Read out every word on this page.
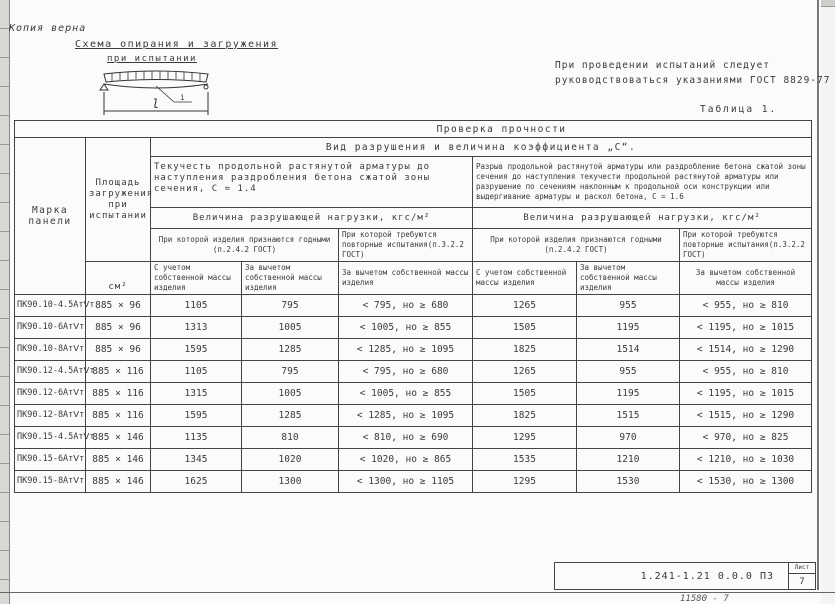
Копия верна
Схема опирания и загружения
при испытании
i
l
При проведении испытаний следует
руководствоваться указаниями ГОСТ 8829-77
Таблица 1.
Проверка прочности							
Марка панели	Площадь загружения при испытании	Вид разрушения и величина коэффициента „С“.					
		Текучесть продольной растянутой арматуры до наступления раздробления бетона сжатой зоны сечения, С = 1.4			Разрыв продольной растянутой арматуры или раздробление бетона сжатой зоны сечения до наступления текучести продольной растянутой арматуры или разрушение по сечениям наклонным к продольной оси конструкции или выдергивание арматуры и раскол бетона, С = 1.6		
		Величина разрушающей нагрузки, кгс/м²			Величина разрушающей нагрузки, кгс/м²		
		При которой изделия признаются годными (п.2.4.2 ГОСТ)		При которой требуются повторные испытания(п.3.2.2 ГОСТ)	При которой изделия признаются годными (п.2.4.2 ГОСТ)		При которой требуются повторные испытания(п.3.2.2 ГОСТ)
	см²	С учетом собственной массы изделия	За вычетом собственной массы изделия	За вычетом собственной массы изделия	С учетом собственной массы изделия	За вычетом собственной массы изделия	За вычетом собственной массы изделия
ПК90.10-4.5АтⅤт	885 × 96	1105	795	< 795, но ≥ 680	1265	955	< 955, но ≥ 810
ПК90.10-6АтⅤт	885 × 96	1313	1005	< 1005, но ≥ 855	1505	1195	< 1195, но ≥ 1015
ПК90.10-8АтⅤт	885 × 96	1595	1285	< 1285, но ≥ 1095	1825	1514	< 1514, но ≥ 1290
ПК90.12-4.5АтⅤт	885 × 116	1105	795	< 795, но ≥ 680	1265	955	< 955, но ≥ 810
ПК90.12-6АтⅤт	885 × 116	1315	1005	< 1005, но ≥ 855	1505	1195	< 1195, но ≥ 1015
ПК90.12-8АтⅤт	885 × 116	1595	1285	< 1285, но ≥ 1095	1825	1515	< 1515, но ≥ 1290
ПК90.15-4.5АтⅤт	885 × 146	1135	810	< 810, но ≥ 690	1295	970	< 970, но ≥ 825
ПК90.15-6АтⅤт	885 × 146	1345	1020	< 1020, но ≥ 865	1535	1210	< 1210, но ≥ 1030
ПК90.15-8АтⅤт	885 × 146	1625	1300	< 1300, но ≥ 1105	1295	1530	< 1530, но ≥ 1300
1.241-1.21 0.0.0 ПЗ
Лист
7
11580 - 7
